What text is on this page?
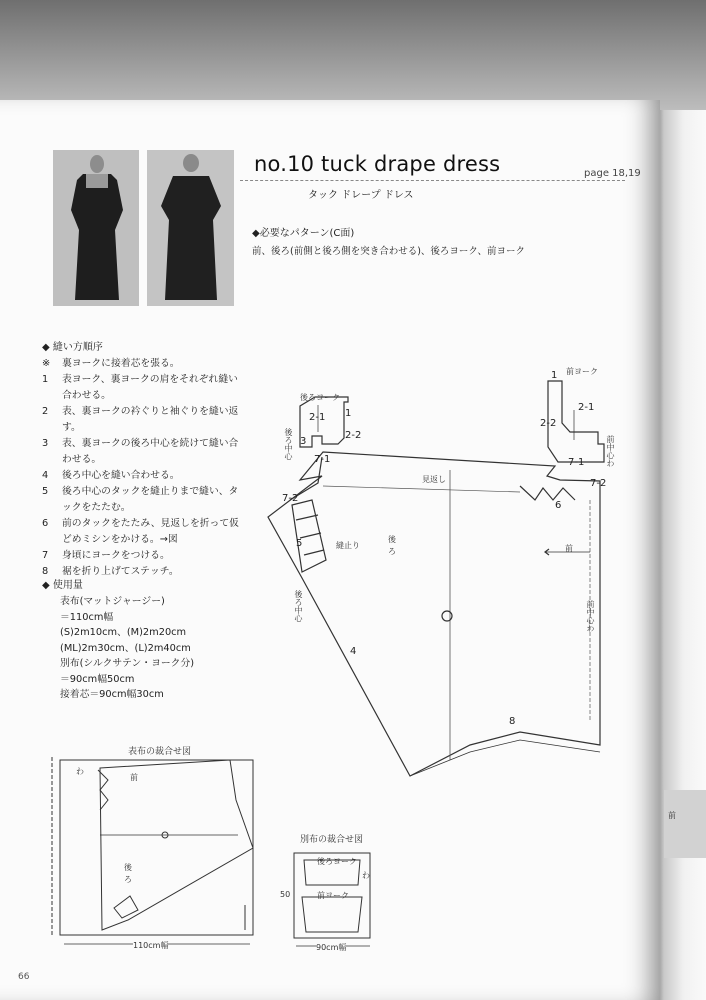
前
no.10 tuck drape dress	page 18,19
タック ドレープ ドレス
◆必要なパターン(C面)
前、後ろ(前側と後ろ側を突き合わせる)、後ろヨーク、前ヨーク
◆ 縫い方順序
※	裏ヨークに接着芯を張る。
1	表ヨーク、裏ヨークの肩をそれぞれ縫い合わせる。
2	表、裏ヨークの衿ぐりと袖ぐりを縫い返す。
3	表、裏ヨークの後ろ中心を続けて縫い合わせる。
4	後ろ中心を縫い合わせる。
5	後ろ中心のタックを縫止りまで縫い、タックをたたむ。
6	前のタックをたたみ、見返しを折って仮どめミシンをかける。→図
7	身頃にヨークをつける。
8	裾を折り上げてステッチ。
◆ 使用量
表布(マットジャージー)
＝110cm幅
(S)2m10cm、(M)2m20cm
(ML)2m30cm、(L)2m40cm
別布(シルクサテン・ヨーク分)
＝90cm幅50cm
接着芯＝90cm幅30cm
後ろヨーク
前ヨーク
1
1
2-1
2-1
2-2
2-2
3
4
5
6
7-1	7-1
7-2
7-2
8
見返し
後
ろ	前
縫止り
後ろ中心	前中心わ
前中心わ
後ろ中心
表布の裁合せ図
わ
前
後
ろ
110cm幅
別布の裁合せ図
後ろヨーク
前ヨーク
わ
50
90cm幅
66
